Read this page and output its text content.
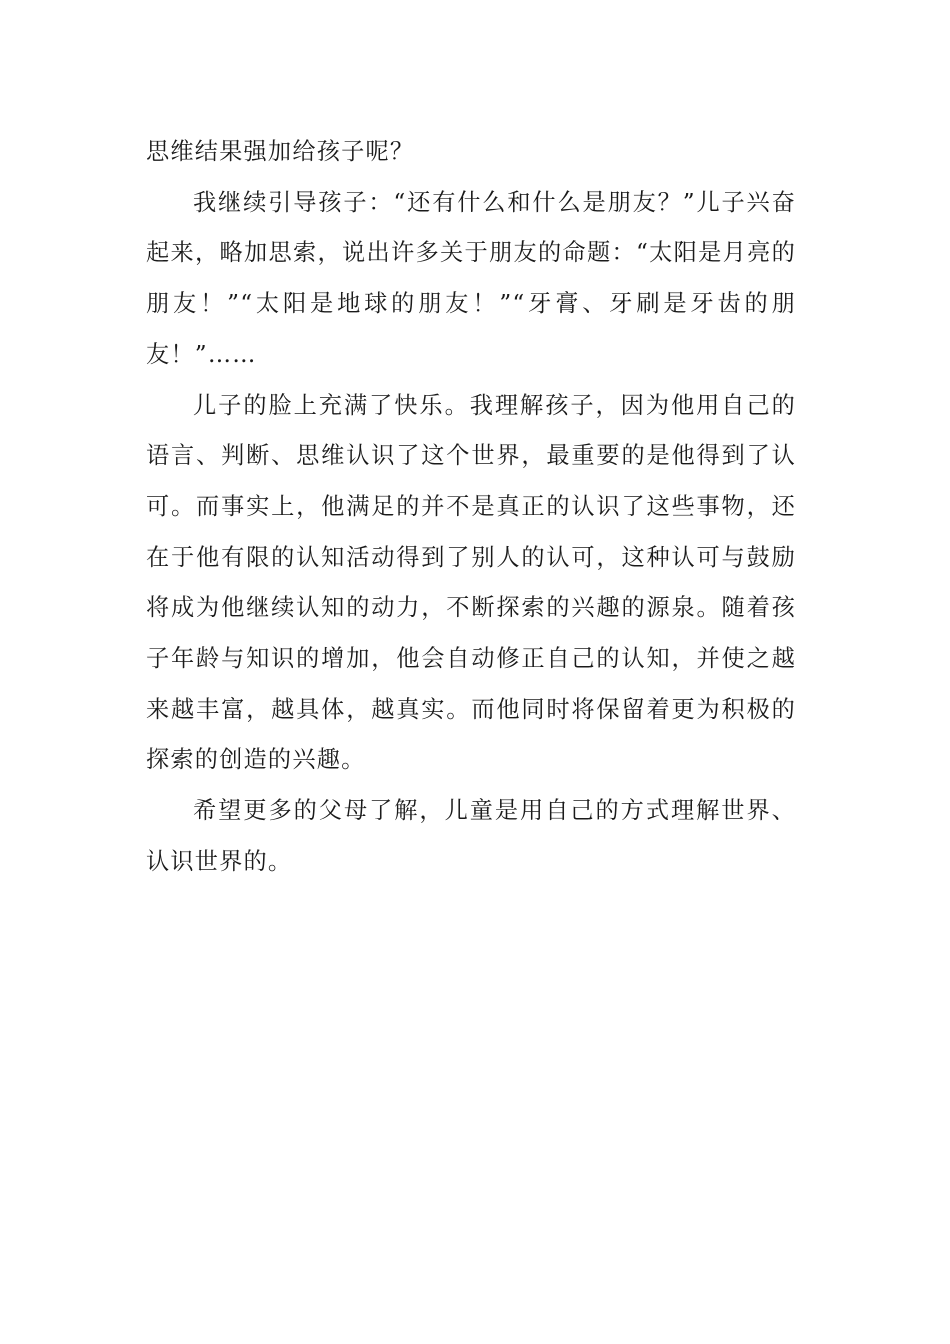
思维结果强加给孩子呢？

我继续引导孩子：“还有什么和什么是朋友？”儿子兴奋起来，略加思索，说出许多关于朋友的命题：“太阳是月亮的朋友！”“太阳是地球的朋友！”“牙膏、牙刷是牙齿的朋友！”……

儿子的脸上充满了快乐。我理解孩子，因为他用自己的语言、判断、思维认识了这个世界，最重要的是他得到了认可。而事实上，他满足的并不是真正的认识了这些事物，还在于他有限的认知活动得到了别人的认可，这种认可与鼓励将成为他继续认知的动力，不断探索的兴趣的源泉。随着孩子年龄与知识的增加，他会自动修正自己的认知，并使之越来越丰富，越具体，越真实。而他同时将保留着更为积极的探索的创造的兴趣。

希望更多的父母了解，儿童是用自己的方式理解世界、认识世界的。
